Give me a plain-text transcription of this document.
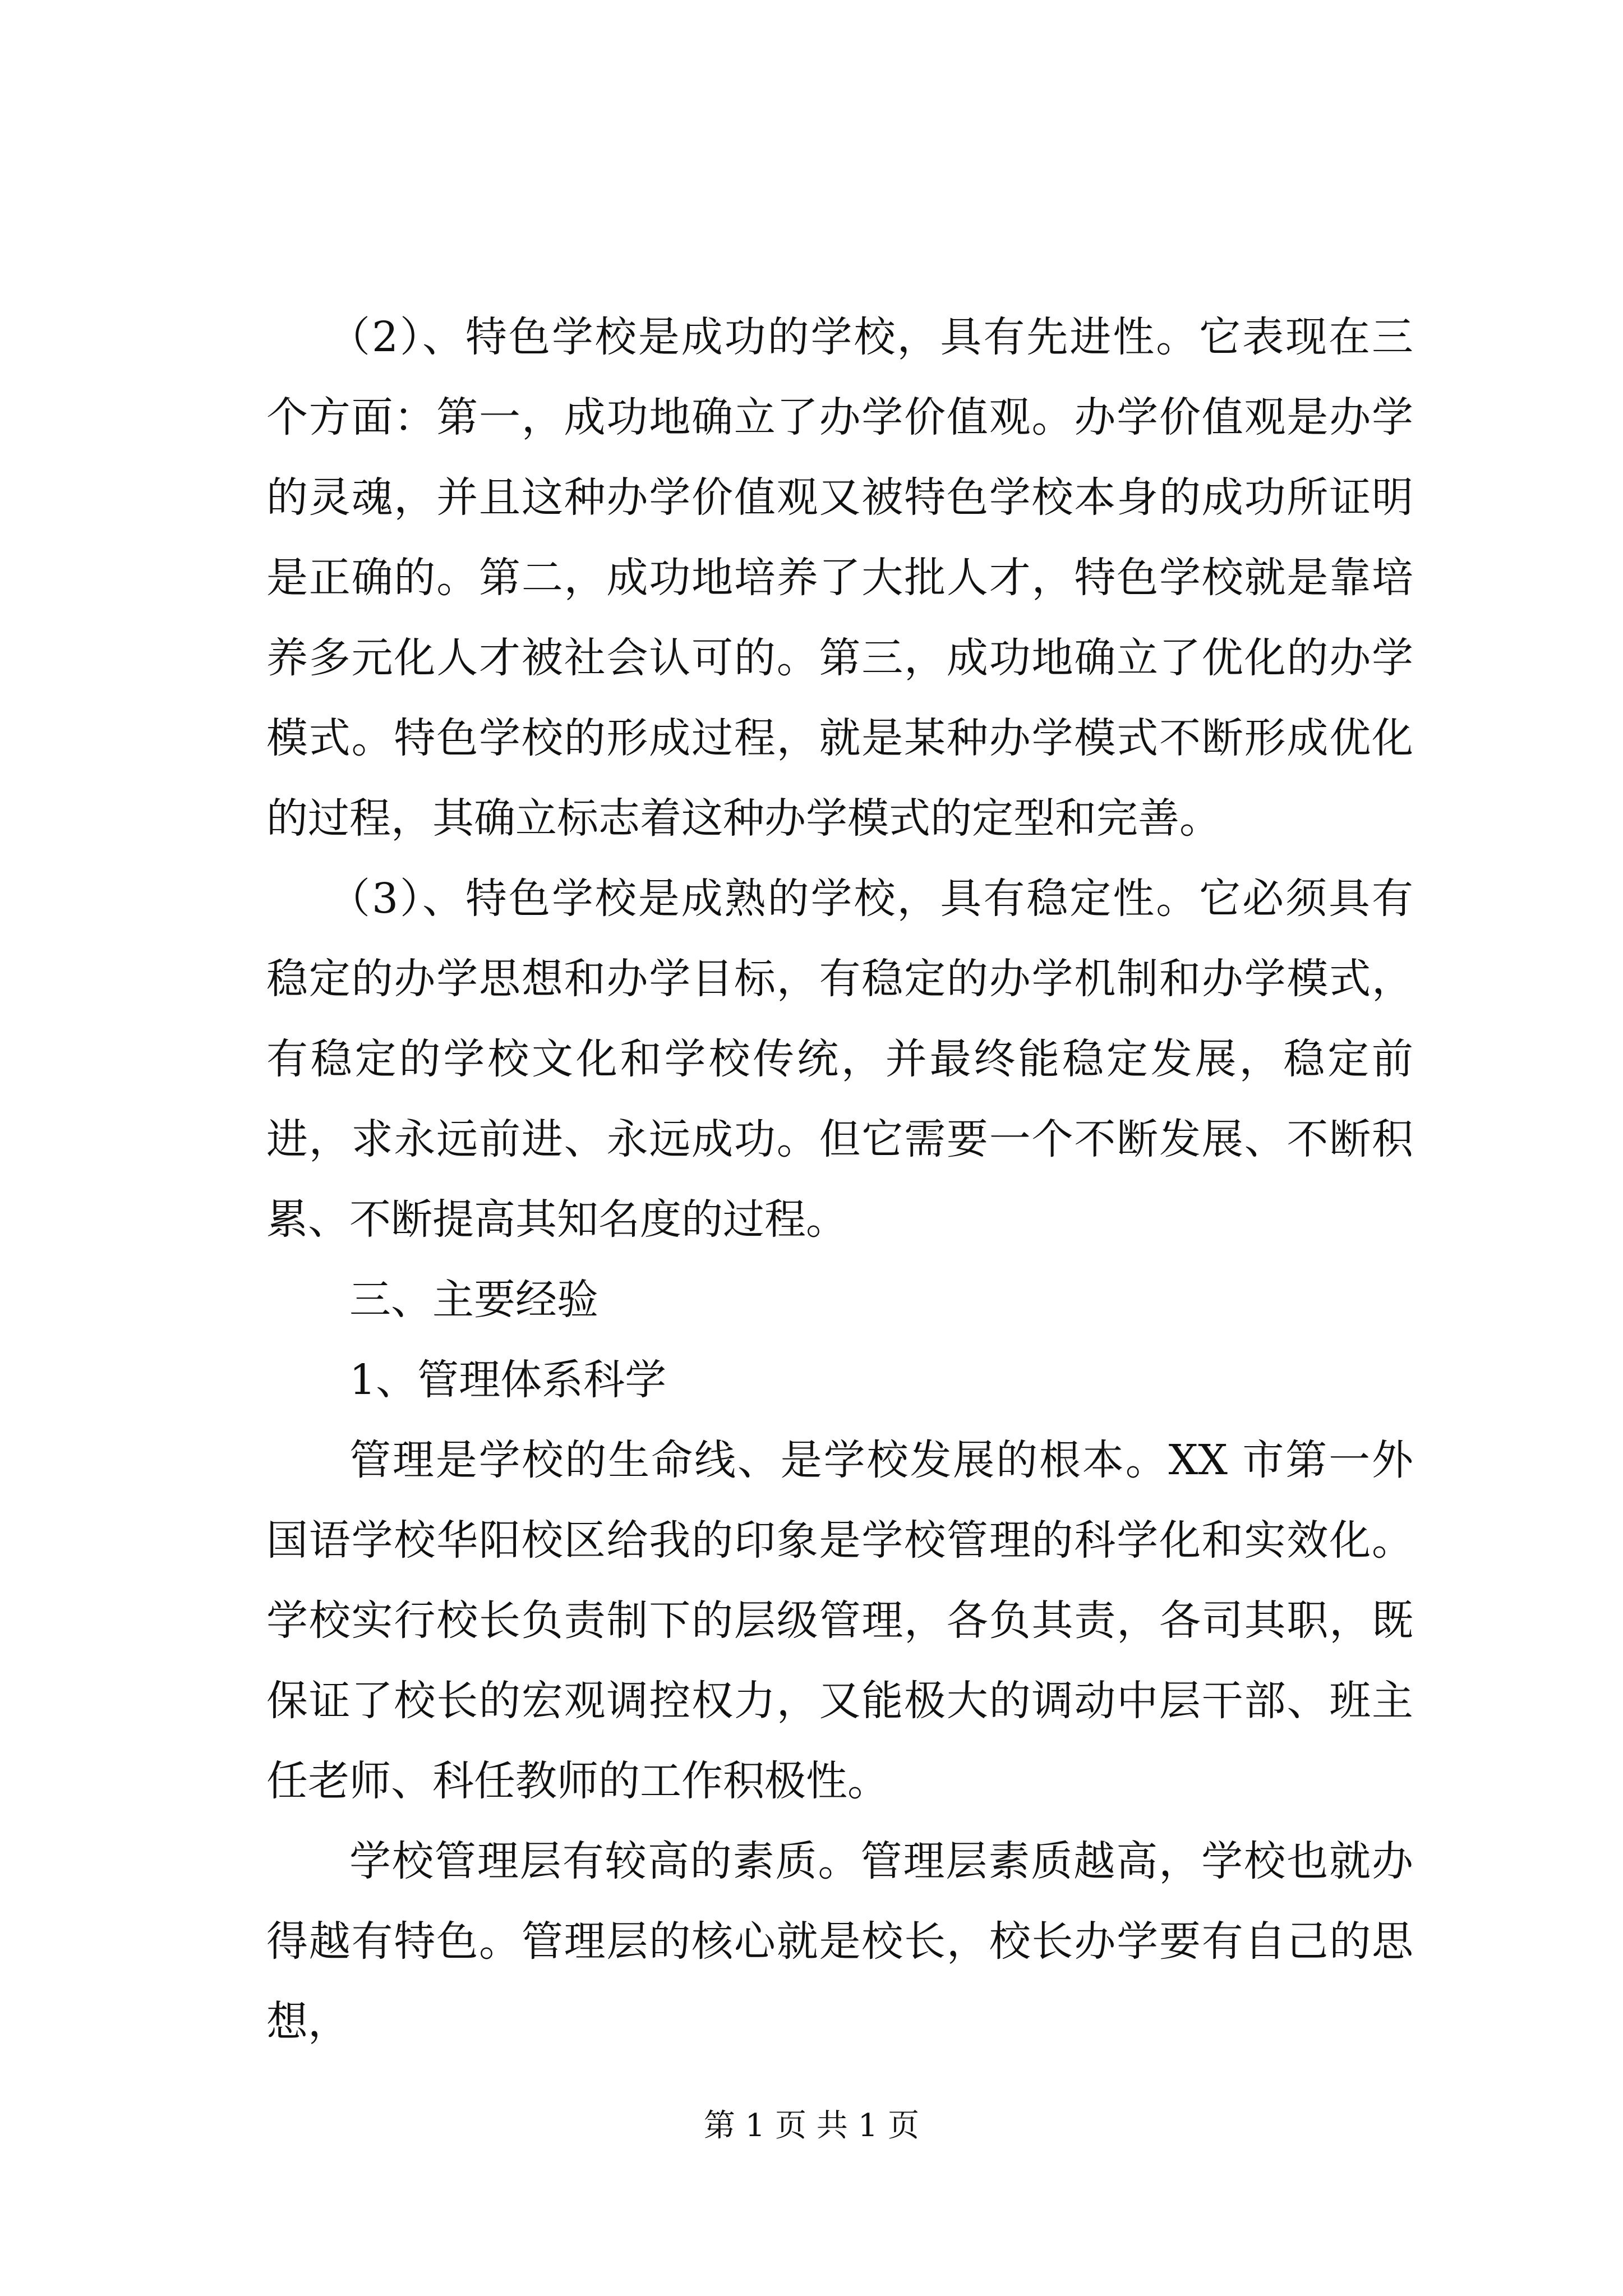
（2）、特色学校是成功的学校，具有先进性。它表现在三个方面：第一，成功地确立了办学价值观。办学价值观是办学的灵魂，并且这种办学价值观又被特色学校本身的成功所证明是正确的。第二，成功地培养了大批人才，特色学校就是靠培养多元化人才被社会认可的。第三，成功地确立了优化的办学模式。特色学校的形成过程，就是某种办学模式不断形成优化的过程，其确立标志着这种办学模式的定型和完善。

（3）、特色学校是成熟的学校，具有稳定性。它必须具有稳定的办学思想和办学目标，有稳定的办学机制和办学模式，有稳定的学校文化和学校传统，并最终能稳定发展，稳定前进，求永远前进、永远成功。但它需要一个不断发展、不断积累、不断提高其知名度的过程。

三、主要经验

1、管理体系科学

管理是学校的生命线、是学校发展的根本。XX 市第一外国语学校华阳校区给我的印象是学校管理的科学化和实效化。学校实行校长负责制下的层级管理，各负其责，各司其职，既保证了校长的宏观调控权力，又能极大的调动中层干部、班主任老师、科任教师的工作积极性。

学校管理层有较高的素质。管理层素质越高，学校也就办得越有特色。管理层的核心就是校长，校长办学要有自己的思想，

第 1 页 共 1 页
